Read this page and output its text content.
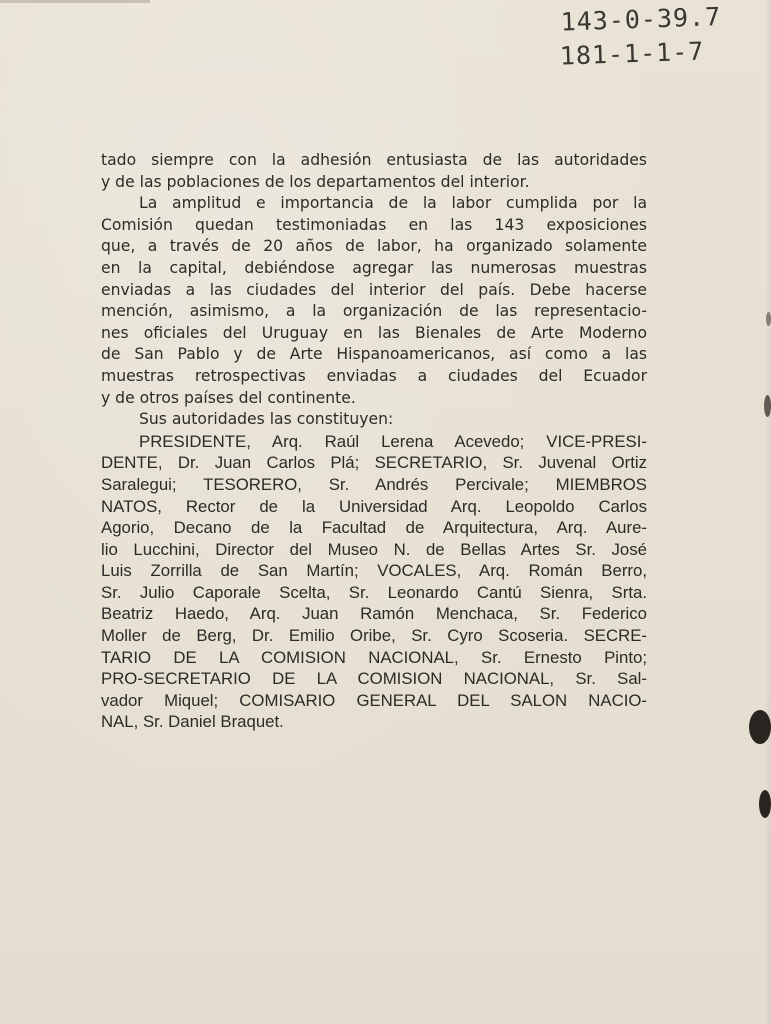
143-0-39.7
181-1-1-7
tado siempre con la adhesión entusiasta de las autoridades
y de las poblaciones de los departamentos del interior.
La amplitud e importancia de la labor cumplida por la
Comisión quedan testimoniadas en las 143 exposiciones
que, a través de 20 años de labor, ha organizado solamente
en la capital, debiéndose agregar las numerosas muestras
enviadas a las ciudades del interior del país. Debe hacerse
mención, asimismo, a la organización de las representacio-
nes oficiales del Uruguay en las Bienales de Arte Moderno
de San Pablo y de Arte Hispanoamericanos, así como a las
muestras retrospectivas enviadas a ciudades del Ecuador
y de otros países del continente.
Sus autoridades las constituyen:
PRESIDENTE, Arq. Raúl Lerena Acevedo; VICE-PRESI-
DENTE, Dr. Juan Carlos Plá; SECRETARIO, Sr. Juvenal Ortiz
Saralegui; TESORERO, Sr. Andrés Percivale; MIEMBROS
NATOS, Rector de la Universidad Arq. Leopoldo Carlos
Agorio, Decano de la Facultad de Arquitectura, Arq. Aure-
lio Lucchini, Director del Museo N. de Bellas Artes Sr. José
Luis Zorrilla de San Martín; VOCALES, Arq. Román Berro,
Sr. Julio Caporale Scelta, Sr. Leonardo Cantú Sienra, Srta.
Beatriz Haedo, Arq. Juan Ramón Menchaca, Sr. Federico
Moller de Berg, Dr. Emilio Oribe, Sr. Cyro Scoseria. SECRE-
TARIO DE LA COMISION NACIONAL, Sr. Ernesto Pinto;
PRO-SECRETARIO DE LA COMISION NACIONAL, Sr. Sal-
vador Miquel; COMISARIO GENERAL DEL SALON NACIO-
NAL, Sr. Daniel Braquet.
